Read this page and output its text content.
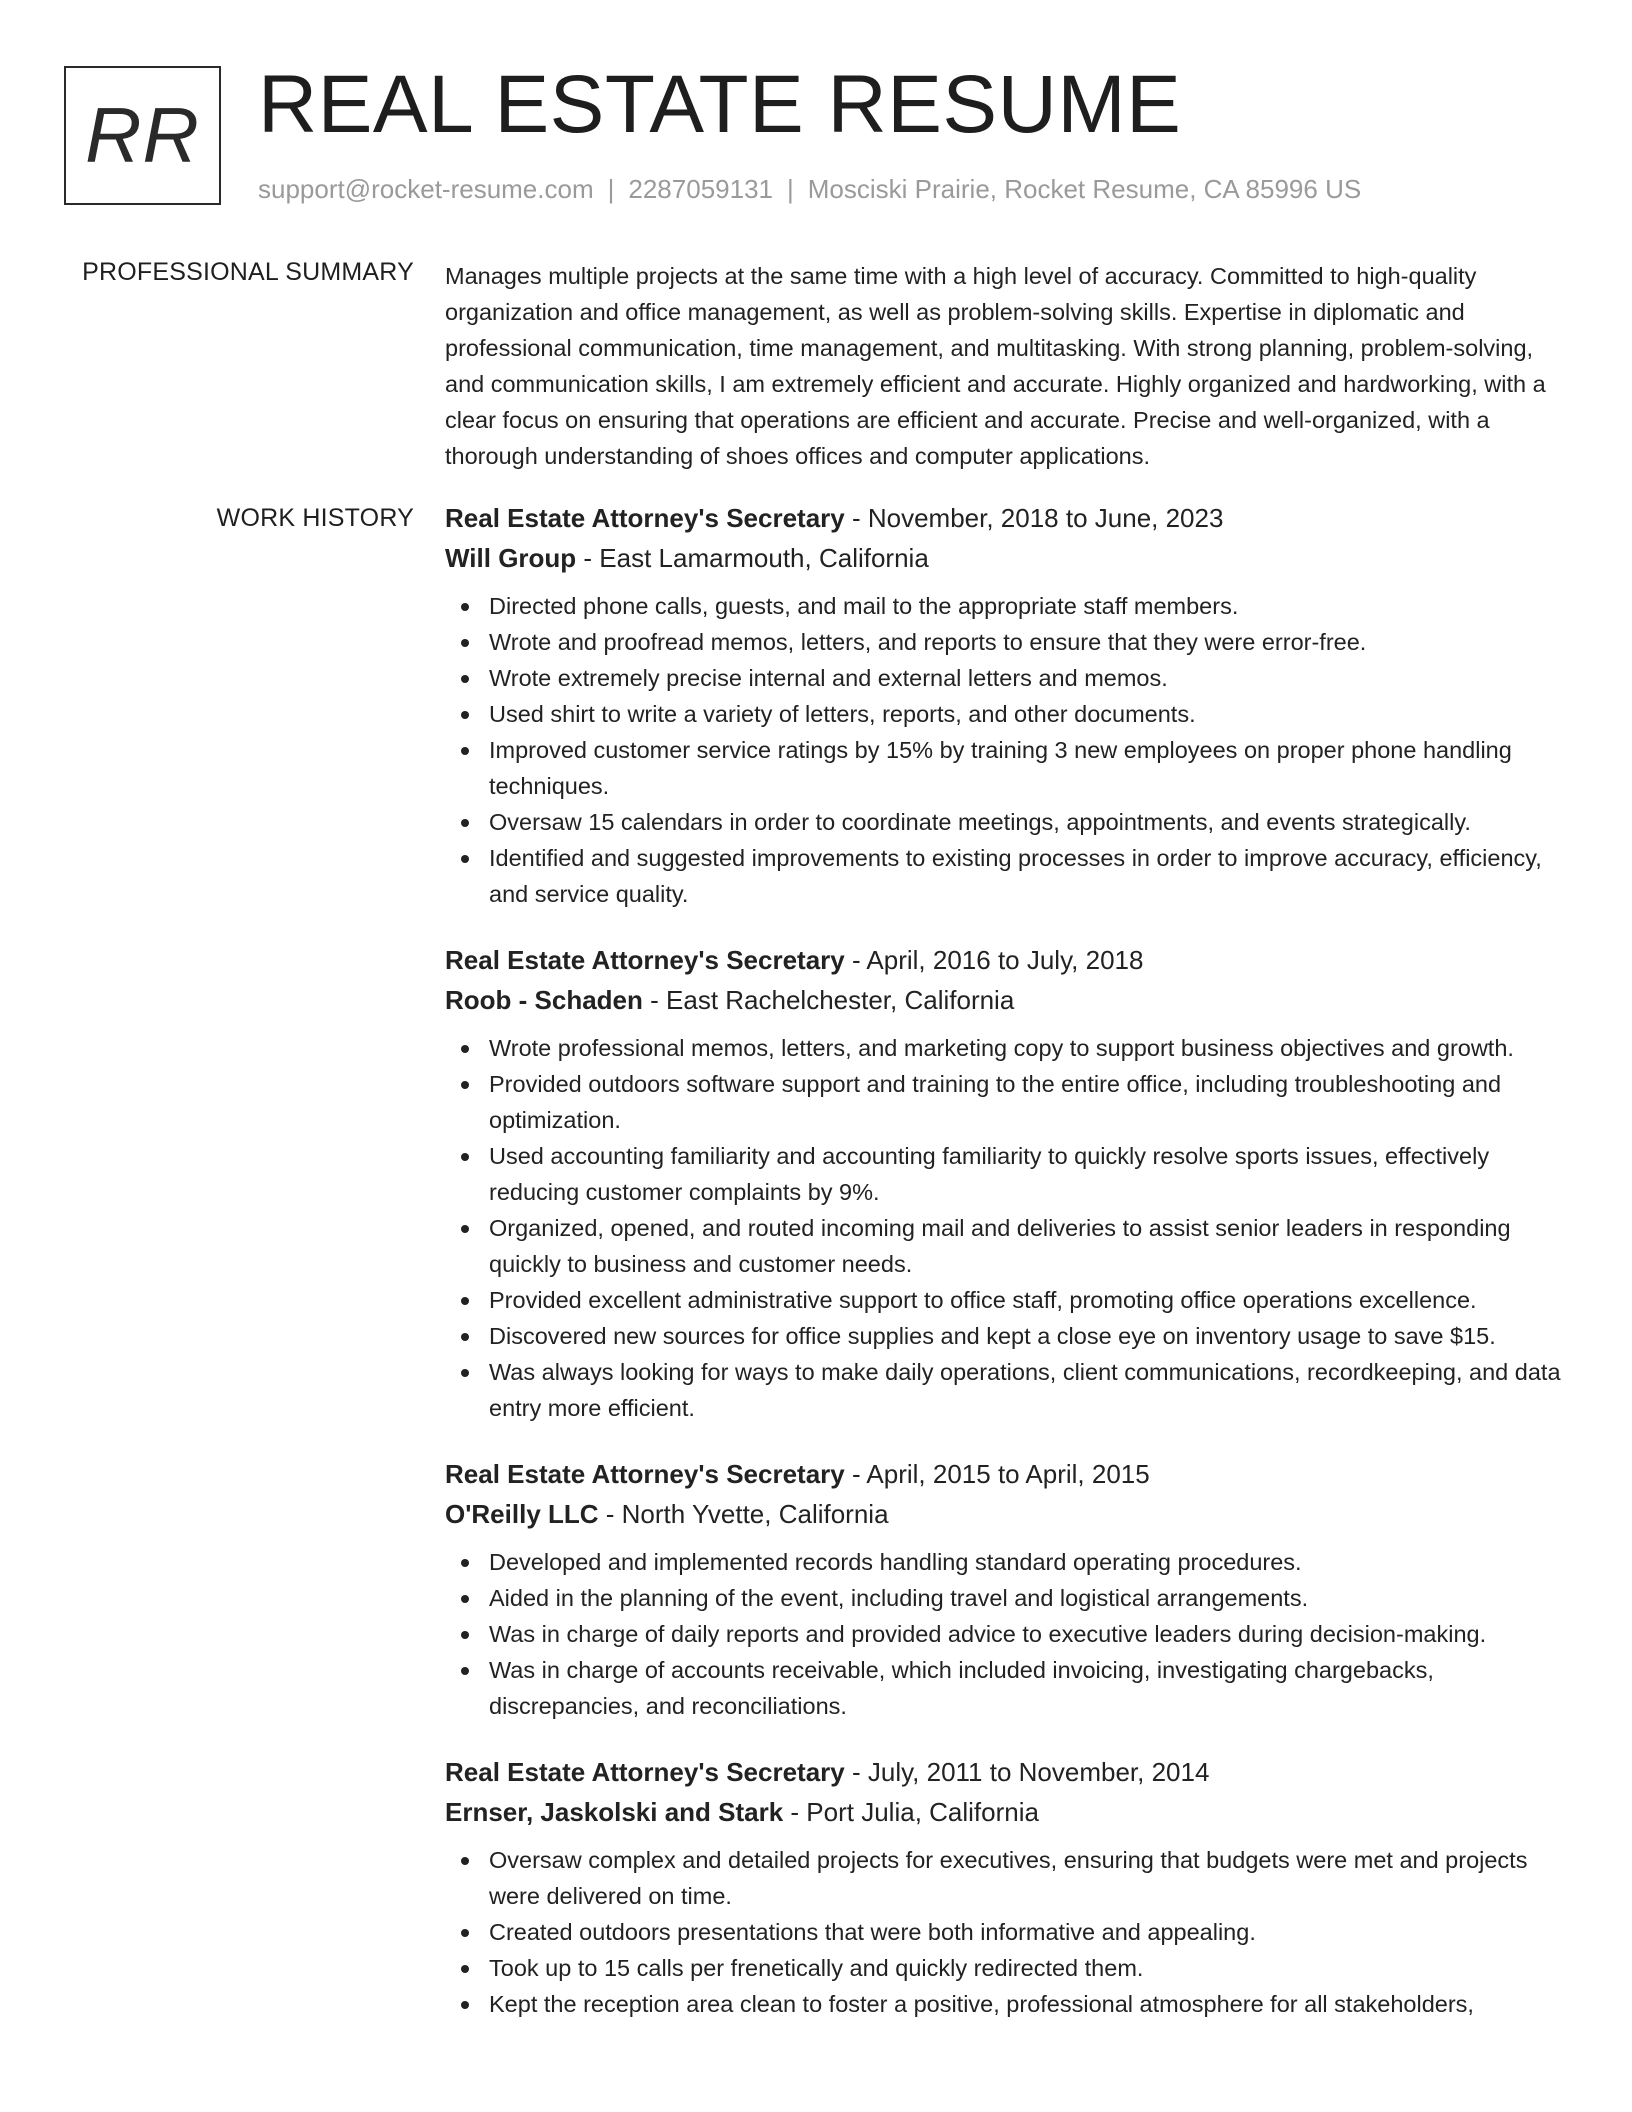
RR REAL ESTATE RESUME
support@rocket-resume.com | 2287059131 | Mosciski Prairie, Rocket Resume, CA 85996 US
PROFESSIONAL SUMMARY Manages multiple projects at the same time with a high level of accuracy. Committed to high-quality organization and office management, as well as problem-solving skills. Expertise in diplomatic and professional communication, time management, and multitasking. With strong planning, problem-solving, and communication skills, I am extremely efficient and accurate. Highly organized and hardworking, with a clear focus on ensuring that operations are efficient and accurate. Precise and well-organized, with a thorough understanding of shoes offices and computer applications.

WORK HISTORY Real Estate Attorney's Secretary - November, 2018 to June, 2023
Will Group - East Lamarmouth, California
Directed phone calls, guests, and mail to the appropriate staff members.
Wrote and proofread memos, letters, and reports to ensure that they were error-free.
Wrote extremely precise internal and external letters and memos.
Used shirt to write a variety of letters, reports, and other documents.
Improved customer service ratings by 15% by training 3 new employees on proper phone handling techniques.
Oversaw 15 calendars in order to coordinate meetings, appointments, and events strategically.
Identified and suggested improvements to existing processes in order to improve accuracy, efficiency, and service quality.
Real Estate Attorney's Secretary - April, 2016 to July, 2018
Roob - Schaden - East Rachelchester, California
Wrote professional memos, letters, and marketing copy to support business objectives and growth.
Provided outdoors software support and training to the entire office, including troubleshooting and optimization.
Used accounting familiarity and accounting familiarity to quickly resolve sports issues, effectively reducing customer complaints by 9%.
Organized, opened, and routed incoming mail and deliveries to assist senior leaders in responding quickly to business and customer needs.
Provided excellent administrative support to office staff, promoting office operations excellence.
Discovered new sources for office supplies and kept a close eye on inventory usage to save $15.
Was always looking for ways to make daily operations, client communications, recordkeeping, and data entry more efficient.
Real Estate Attorney's Secretary - April, 2015 to April, 2015
O'Reilly LLC - North Yvette, California
Developed and implemented records handling standard operating procedures.
Aided in the planning of the event, including travel and logistical arrangements.
Was in charge of daily reports and provided advice to executive leaders during decision-making.
Was in charge of accounts receivable, which included invoicing, investigating chargebacks, discrepancies, and reconciliations.
Real Estate Attorney's Secretary - July, 2011 to November, 2014
Ernser, Jaskolski and Stark - Port Julia, California
Oversaw complex and detailed projects for executives, ensuring that budgets were met and projects were delivered on time.
Created outdoors presentations that were both informative and appealing.
Took up to 15 calls per frenetically and quickly redirected them.
Kept the reception area clean to foster a positive, professional atmosphere for all stakeholders,
